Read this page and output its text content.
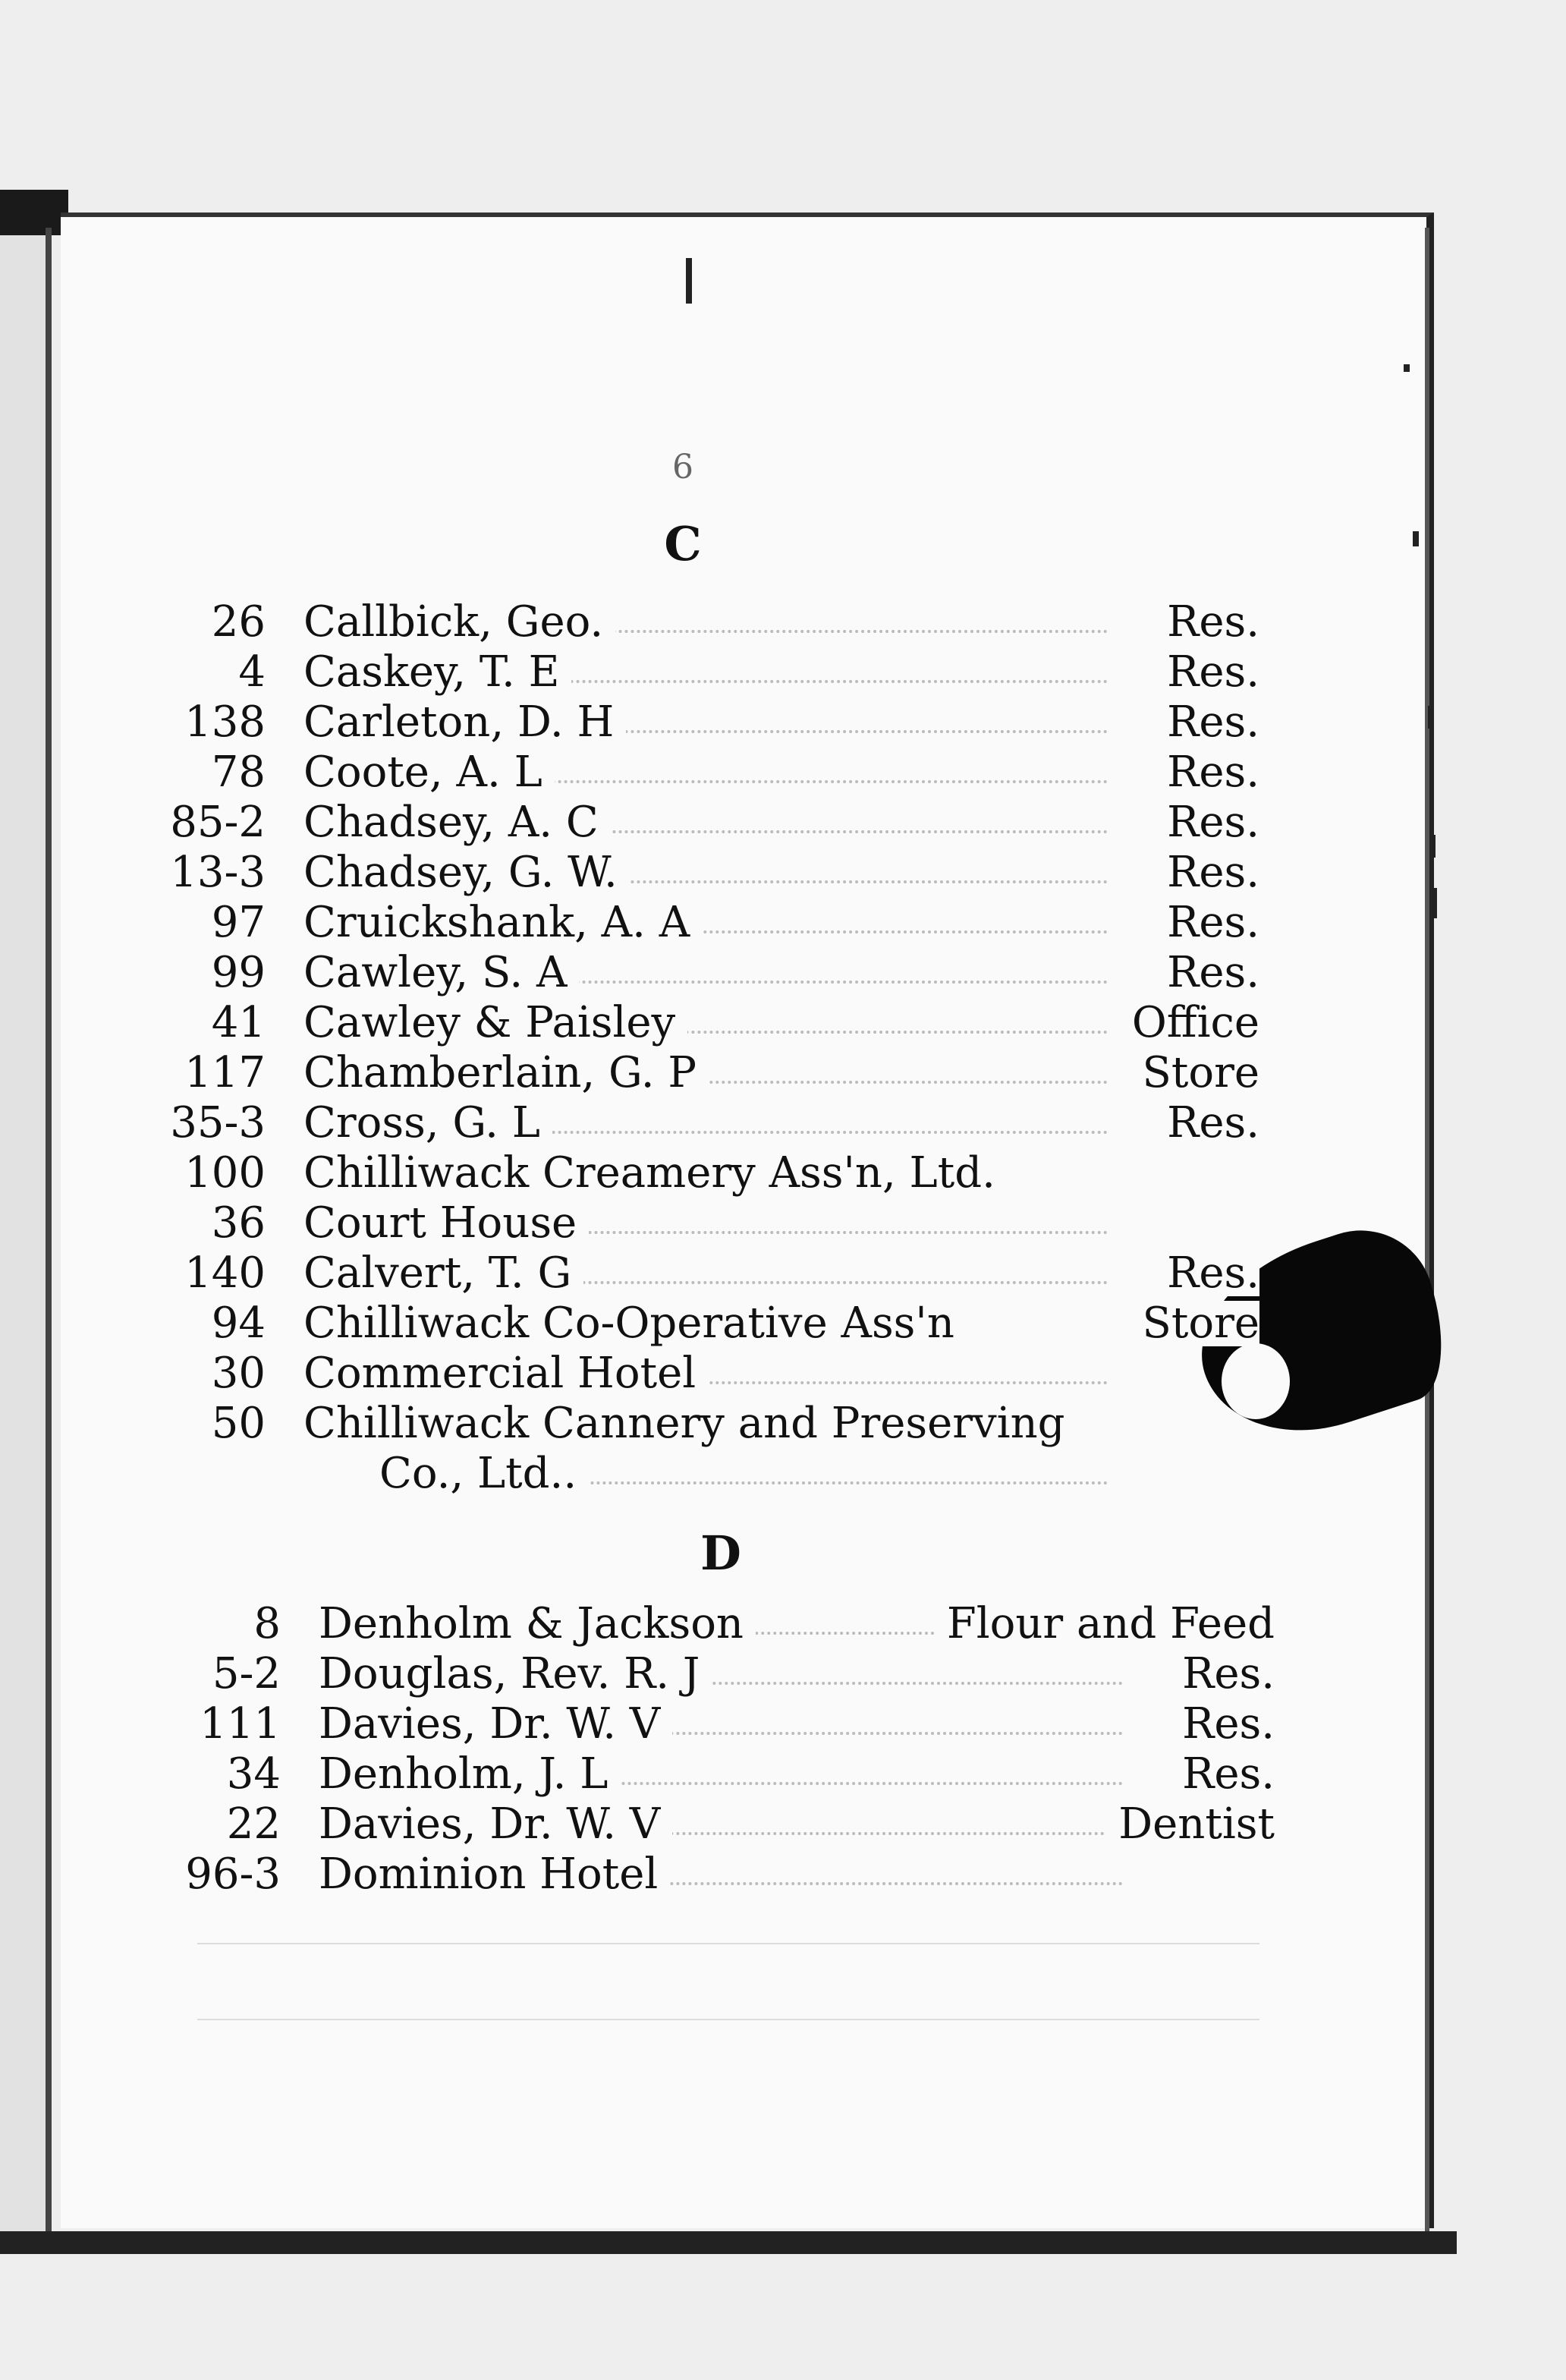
6
C
26 Callbick, Geo.	Res.
4 Caskey, T. E	Res.
138 Carleton, D. H	Res.
78 Coote, A. L	Res.
85-2 Chadsey, A. C	Res.
13-3 Chadsey, G. W.	Res.
97 Cruickshank, A. A	Res.
99 Cawley, S. A	Res.
41 Cawley & Paisley	Office
117 Chamberlain, G. P	Store
35-3 Cross, G. L	Res.
100 Chilliwack Creamery Ass'n, Ltd.
36 Court House
140 Calvert, T. G	Res.
94 Chilliwack Co-Operative Ass'n	Store
30 Commercial Hotel
50 Chilliwack Cannery and Preserving
Co., Ltd..
D
8 Denholm & Jackson	Flour and Feed
5-2 Douglas, Rev. R. J	Res.
111 Davies, Dr. W. V	Res.
34 Denholm, J. L	Res.
22 Davies, Dr. W. V	Dentist
96-3 Dominion Hotel
